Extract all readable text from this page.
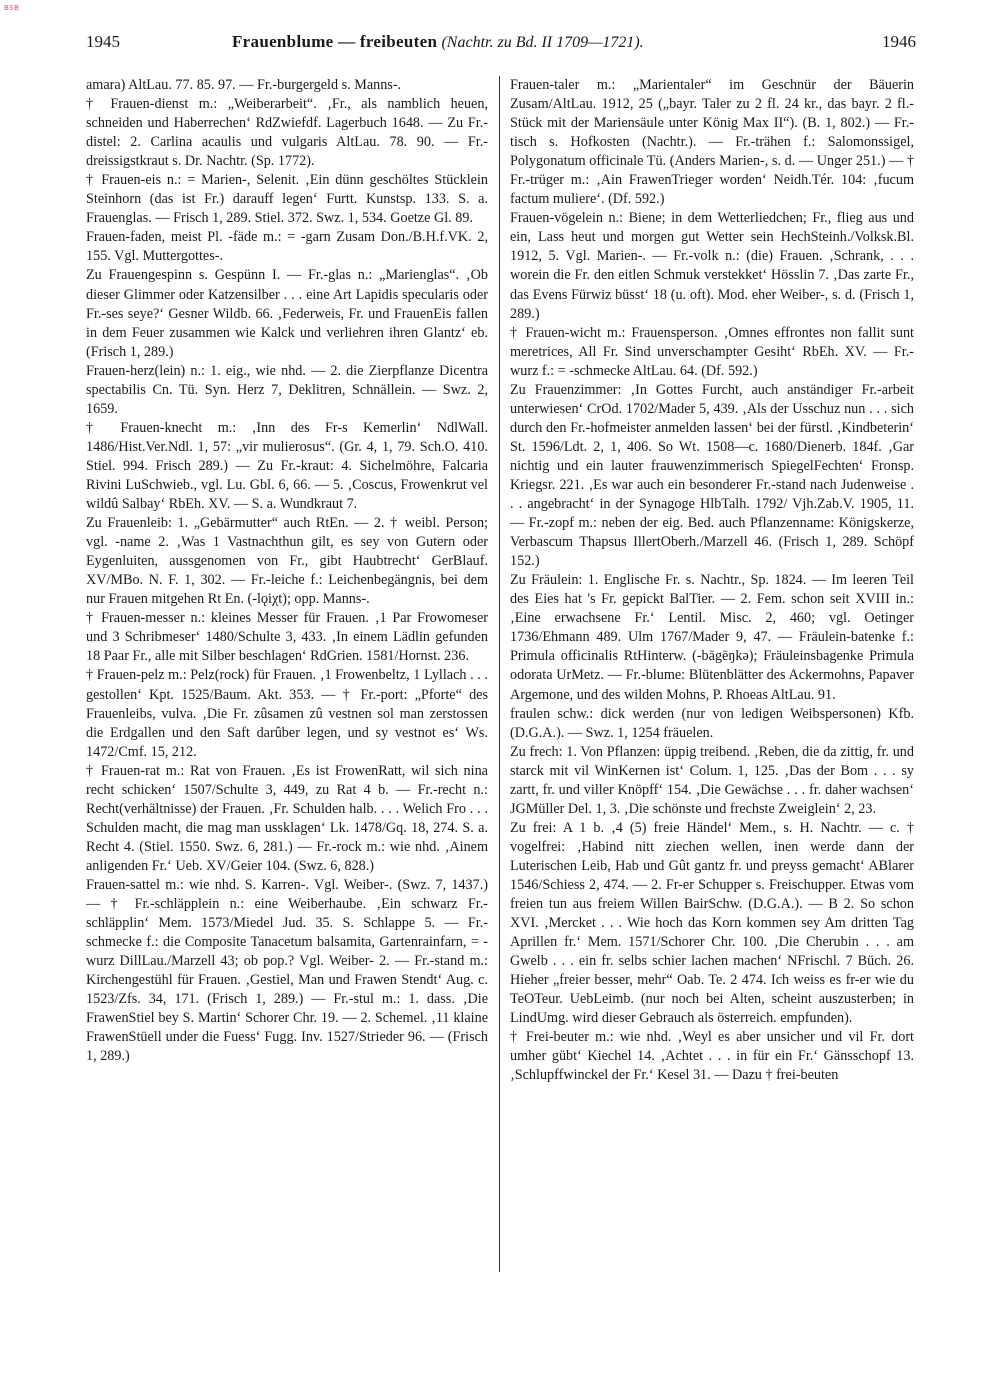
BSB
1945	Frauenblume — freibeuten (Nachtr. zu Bd. II 1709—1721).	1946

amara) AltLau. 77. 85. 97. — Fr.-burgergeld s. Manns-.

† Frauen-dienst m.: „Weiberarbeit“. ‚Fr., als namblich heuen, schneiden und Haberrechen‘ RdZwiefdf. Lagerbuch 1648. — Zu Fr.-distel: 2. Carlina acaulis und vulgaris AltLau. 78. 90. — Fr.-dreissigstkraut s. Dr. Nachtr. (Sp. 1772).

† Frauen-eis n.: = Marien-, Selenit. ‚Ein dünn geschöltes Stücklein Steinhorn (das ist Fr.) darauff legen‘ Furtt. Kunstsp. 133. S. a. Frauenglas. — Frisch 1, 289. Stiel. 372. Swz. 1, 534. Goetze Gl. 89.

Frauen-faden, meist Pl. -fäde m.: = -garn Zusam Don./B.H.f.VK. 2, 155. Vgl. Muttergottes-.

Zu Frauengespinn s. Gespünn I. — Fr.-glas n.: „Marienglas“. ‚Ob dieser Glimmer oder Katzensilber . . . eine Art Lapidis specularis oder Fr.-ses seye?‘ Gesner Wildb. 66. ‚Federweis, Fr. und FrauenEis fallen in dem Feuer zusammen wie Kalck und verliehren ihren Glantz‘ eb. (Frisch 1, 289.)

Frauen-herz(lein) n.: 1. eig., wie nhd. — 2. die Zierpflanze Dicentra spectabilis Cn. Tü. Syn. Herz 7, Deklitren, Schnällein. — Swz. 2, 1659.

† Frauen-knecht m.: ‚Inn des Fr-s Kemerlin‘ NdlWall. 1486/Hist.Ver.Ndl. 1, 57: „vir mulierosus“. (Gr. 4, 1, 79. Sch.O. 410. Stiel. 994. Frisch 289.) — Zu Fr.-kraut: 4. Sichelmöhre, Falcaria Rivini LuSchwieb., vgl. Lu. Gbl. 6, 66. — 5. ‚Coscus, Frowenkrut vel wildû Salbay‘ RbEh. XV. — S. a. Wundkraut 7.

Zu Frauenleib: 1. „Gebärmutter“ auch RtEn. — 2. † weibl. Person; vgl. -name 2. ‚Was 1 Vastnachthun gilt, es sey von Gutern oder Eygenluiten, aussgenomen von Fr., gibt Haubtrecht‘ GerBlauf. XV/MBo. N. F. 1, 302. — Fr.-leiche f.: Leichenbegängnis, bei dem nur Frauen mitgehen Rt En. (-lǫiχt); opp. Manns-.

† Frauen-messer n.: kleines Messer für Frauen. ‚1 Par Frowomeser und 3 Schribmeser‘ 1480/Schulte 3, 433. ‚In einem Lädlin gefunden 18 Paar Fr., alle mit Silber beschlagen‘ RdGrien. 1581/Hornst. 236.

† Frauen-pelz m.: Pelz(rock) für Frauen. ‚1 Frowenbeltz, 1 Lyllach . . . gestollen‘ Kpt. 1525/Baum. Akt. 353. — † Fr.-port: „Pforte“ des Frauenleibs, vulva. ‚Die Fr. zûsamen zû vestnen sol man zerstossen die Erdgallen und den Saft darûber legen, und sy vestnot es‘ Ws. 1472/Cmf. 15, 212.

† Frauen-rat m.: Rat von Frauen. ‚Es ist FrowenRatt, wil sich nina recht schicken‘ 1507/Schulte 3, 449, zu Rat 4 b. — Fr.-recht n.: Recht(verhältnisse) der Frauen. ‚Fr. Schulden halb. . . . Welich Fro . . . Schulden macht, die mag man ussklagen‘ Lk. 1478/Gq. 18, 274. S. a. Recht 4. (Stiel. 1550. Swz. 6, 281.) — Fr.-rock m.: wie nhd. ‚Ainem anligenden Fr.‘ Ueb. XV/Geier 104. (Swz. 6, 828.)

Frauen-sattel m.: wie nhd. S. Karren-. Vgl. Weiber-. (Swz. 7, 1437.) — † Fr.-schläpplein n.: eine Weiberhaube. ‚Ein schwarz Fr.-schläpplin‘ Mem. 1573/Miedel Jud. 35. S. Schlappe 5. — Fr.-schmecke f.: die Composite Tanacetum balsamita, Gartenrainfarn, = -wurz DillLau./Marzell 43; ob pop.? Vgl. Weiber- 2. — Fr.-stand m.: Kirchengestühl für Frauen. ‚Gestiel, Man und Frawen Stendt‘ Aug. c. 1523/Zfs. 34, 171. (Frisch 1, 289.) — Fr.-stul m.: 1. dass. ‚Die FrawenStiel bey S. Martin‘ Schorer Chr. 19. — 2. Schemel. ‚11 klaine FrawenStüell under die Fuess‘ Fugg. Inv. 1527/Strieder 96. — (Frisch 1, 289.)

Frauen-taler m.: „Marientaler“ im Geschnür der Bäuerin Zusam/AltLau. 1912, 25 („bayr. Taler zu 2 fl. 24 kr., das bayr. 2 fl.-Stück mit der Mariensäule unter König Max II“). (B. 1, 802.) — Fr.-tisch s. Hofkosten (Nachtr.). — Fr.-trähen f.: Salomonssigel, Polygonatum officinale Tü. (Anders Marien-, s. d. — Unger 251.) — † Fr.-trüger m.: ‚Ain FrawenTrieger worden‘ Neidh.Tér. 104: ‚fucum factum muliere‘. (Df. 592.)

Frauen-vögelein n.: Biene; in dem Wetterliedchen; Fr., flieg aus und ein, Lass heut und morgen gut Wetter sein HechSteinh./Volksk.Bl. 1912, 5. Vgl. Marien-. — Fr.-volk n.: (die) Frauen. ‚Schrank, . . . worein die Fr. den eitlen Schmuk verstekket‘ Hösslin 7. ‚Das zarte Fr., das Evens Fürwiz büsst‘ 18 (u. oft). Mod. eher Weiber-, s. d. (Frisch 1, 289.)

† Frauen-wicht m.: Frauensperson. ‚Omnes effrontes non fallit sunt meretrices, All Fr. Sind unverschampter Gesiht‘ RbEh. XV. — Fr.-wurz f.: = -schmecke AltLau. 64. (Df. 592.)

Zu Frauenzimmer: ‚In Gottes Furcht, auch anständiger Fr.-arbeit unterwiesen‘ CrOd. 1702/Mader 5, 439. ‚Als der Usschuz nun . . . sich durch den Fr.-hofmeister anmelden lassen‘ bei der fürstl. ‚Kindbeterin‘ St. 1596/Ldt. 2, 1, 406. So Wt. 1508—c. 1680/Dienerb. 184f. ‚Gar nichtig und ein lauter frauwenzimmerisch SpiegelFechten‘ Fronsp. Kriegsr. 221. ‚Es war auch ein besonderer Fr.-stand nach Judenweise . . . angebracht‘ in der Synagoge HlbTalh. 1792/ Vjh.Zab.V. 1905, 11. — Fr.-zopf m.: neben der eig. Bed. auch Pflanzenname: Königskerze, Verbascum Thapsus IllertOberh./Marzell 46. (Frisch 1, 289. Schöpf 152.)

Zu Fräulein: 1. Englische Fr. s. Nachtr., Sp. 1824. — Im leeren Teil des Eies hat 's Fr. gepickt BalTier. — 2. Fem. schon seit XVIII in.: ‚Eine erwachsene Fr.‘ Lentil. Misc. 2, 460; vgl. Oetinger 1736/Ehmann 489. Ulm 1767/Mader 9, 47. — Fräulein-batenke f.: Primula officinalis RtHinterw. (-bāgēŋkə); Fräuleinsbagenke Primula odorata UrMetz. — Fr.-blume: Blütenblätter des Ackermohns, Papaver Argemone, und des wilden Mohns, P. Rhoeas AltLau. 91.

fraulen schw.: dick werden (nur von ledigen Weibspersonen) Kfb. (D.G.A.). — Swz. 1, 1254 fräuelen.

Zu frech: 1. Von Pflanzen: üppig treibend. ‚Reben, die da zittig, fr. und starck mit vil WinKernen ist‘ Colum. 1, 125. ‚Das der Bom . . . sy zartt, fr. und viller Knöpff‘ 154. ‚Die Gewächse . . . fr. daher wachsen‘ JGMüller Del. 1, 3. ‚Die schönste und frechste Zweiglein‘ 2, 23.

Zu frei: A 1 b. ‚4 (5) freie Händel‘ Mem., s. H. Nachtr. — c. † vogelfrei: ‚Habind nitt ziechen wellen, inen werde dann der Luterischen Leib, Hab und Gût gantz fr. und preyss gemacht‘ ABlarer 1546/Schiess 2, 474. — 2. Fr-er Schupper s. Freischupper. Etwas vom freien tun aus freiem Willen BairSchw. (D.G.A.). — B 2. So schon XVI. ‚Mercket . . . Wie hoch das Korn kommen sey Am dritten Tag Aprillen fr.‘ Mem. 1571/Schorer Chr. 100. ‚Die Cherubin . . . am Gwelb . . . ein fr. selbs schier lachen machen‘ NFrischl. 7 Büch. 26. Hieher „freier besser, mehr“ Oab. Te. 2 474. Ich weiss es fr-er wie du TeOTeur. UebLeimb. (nur noch bei Alten, scheint auszusterben; in LindUmg. wird dieser Gebrauch als österreich. empfunden).

† Frei-beuter m.: wie nhd. ‚Weyl es aber unsicher und vil Fr. dort umher gübt‘ Kiechel 14. ‚Achtet . . . in für ein Fr.‘ Gänsschopf 13. ‚Schlupffwinckel der Fr.‘ Kesel 31. — Dazu † frei-beuten
